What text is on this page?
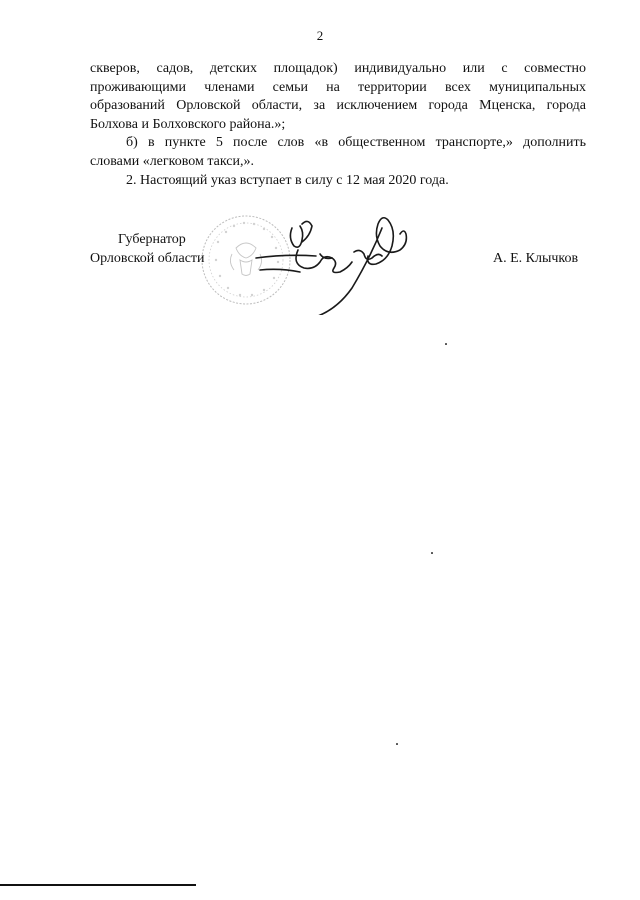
2
скверов, садов, детских площадок) индивидуально или с совместно
проживающими членами семьи на территории всех муниципальных
образований Орловской области, за исключением города Мценска, города
Болхова и Болховского района.»;
б) в пункте 5 после слов «в общественном транспорте,» дополнить
словами «легковом такси,».
2. Настоящий указ вступает в силу с 12 мая 2020 года.
Губернатор
Орловской области	А. Е. Клычков
